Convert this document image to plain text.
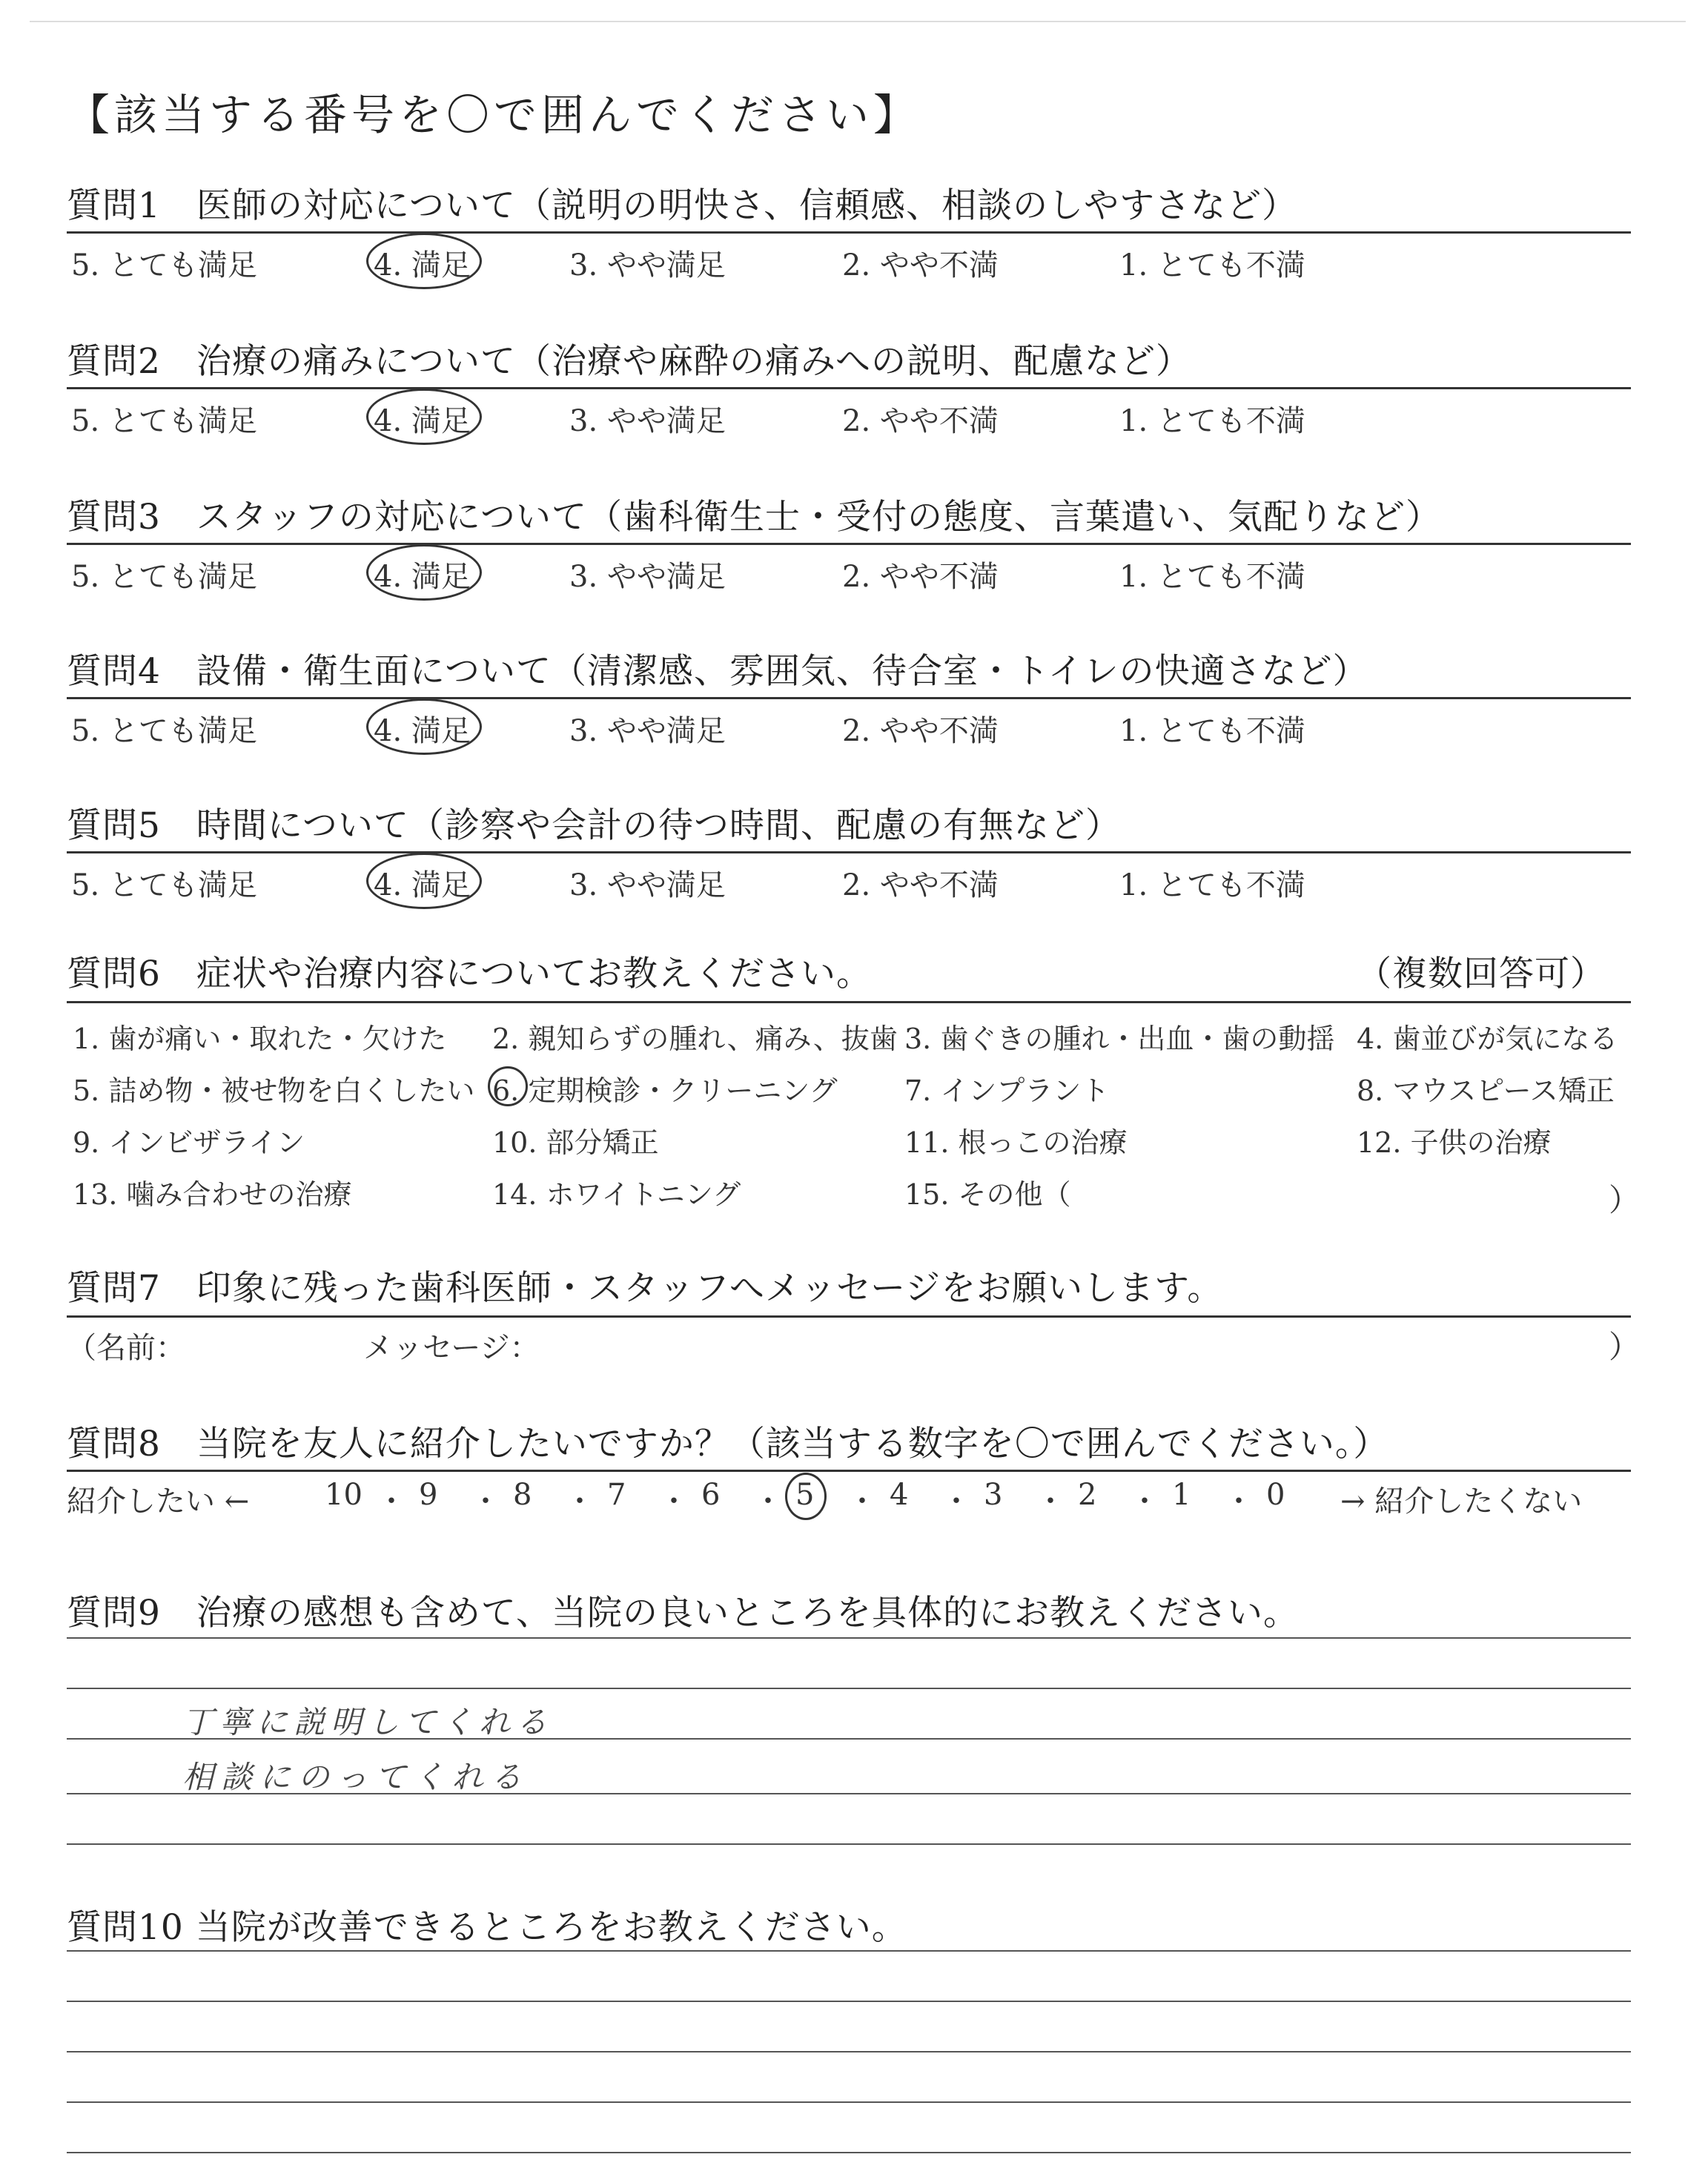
【該当する番号を〇で囲んでください】
質問1　医師の対応について（説明の明快さ、信頼感、相談のしやすさなど）
5. とても満足	4. 満足	3. やや満足	2. やや不満	1. とても不満
質問2　治療の痛みについて（治療や麻酔の痛みへの説明、配慮など）
5. とても満足	4. 満足	3. やや満足	2. やや不満	1. とても不満
質問3　スタッフの対応について（歯科衛生士・受付の態度、言葉遣い、気配りなど）
5. とても満足	4. 満足	3. やや満足	2. やや不満	1. とても不満
質問4　設備・衛生面について（清潔感、雰囲気、待合室・トイレの快適さなど）
5. とても満足	4. 満足	3. やや満足	2. やや不満	1. とても不満
質問5　時間について（診察や会計の待つ時間、配慮の有無など）
5. とても満足	4. 満足	3. やや満足	2. やや不満	1. とても不満
質問6　症状や治療内容についてお教えください。	（複数回答可）
1. 歯が痛い・取れた・欠けた 2. 親知らずの腫れ、痛み、抜歯 3. 歯ぐきの腫れ・出血・歯の動揺 4. 歯並びが気になる
5. 詰め物・被せ物を白くしたい 6. 定期検診・クリーニング 7. インプラント	8. マウスピース矯正
9. インビザライン	10. 部分矯正	11. 根っこの治療	12. 子供の治療
13. 噛み合わせの治療	14. ホワイトニング	15. その他（	）
質問7　印象に残った歯科医師・スタッフへメッセージをお願いします。
（名前：	メッセージ：	）
質問8　当院を友人に紹介したいですか？（該当する数字を〇で囲んでください。）
紹介したい ←	10 ・ 9 ・ 8 ・ 7 ・ 6 ・ 5 ・ 4 ・ 3 ・ 2 ・ 1 ・ 0 → 紹介したくない
質問9　治療の感想も含めて、当院の良いところを具体的にお教えください。
丁寧に説明してくれる
相談にのってくれる
質問10 当院が改善できるところをお教えください。
